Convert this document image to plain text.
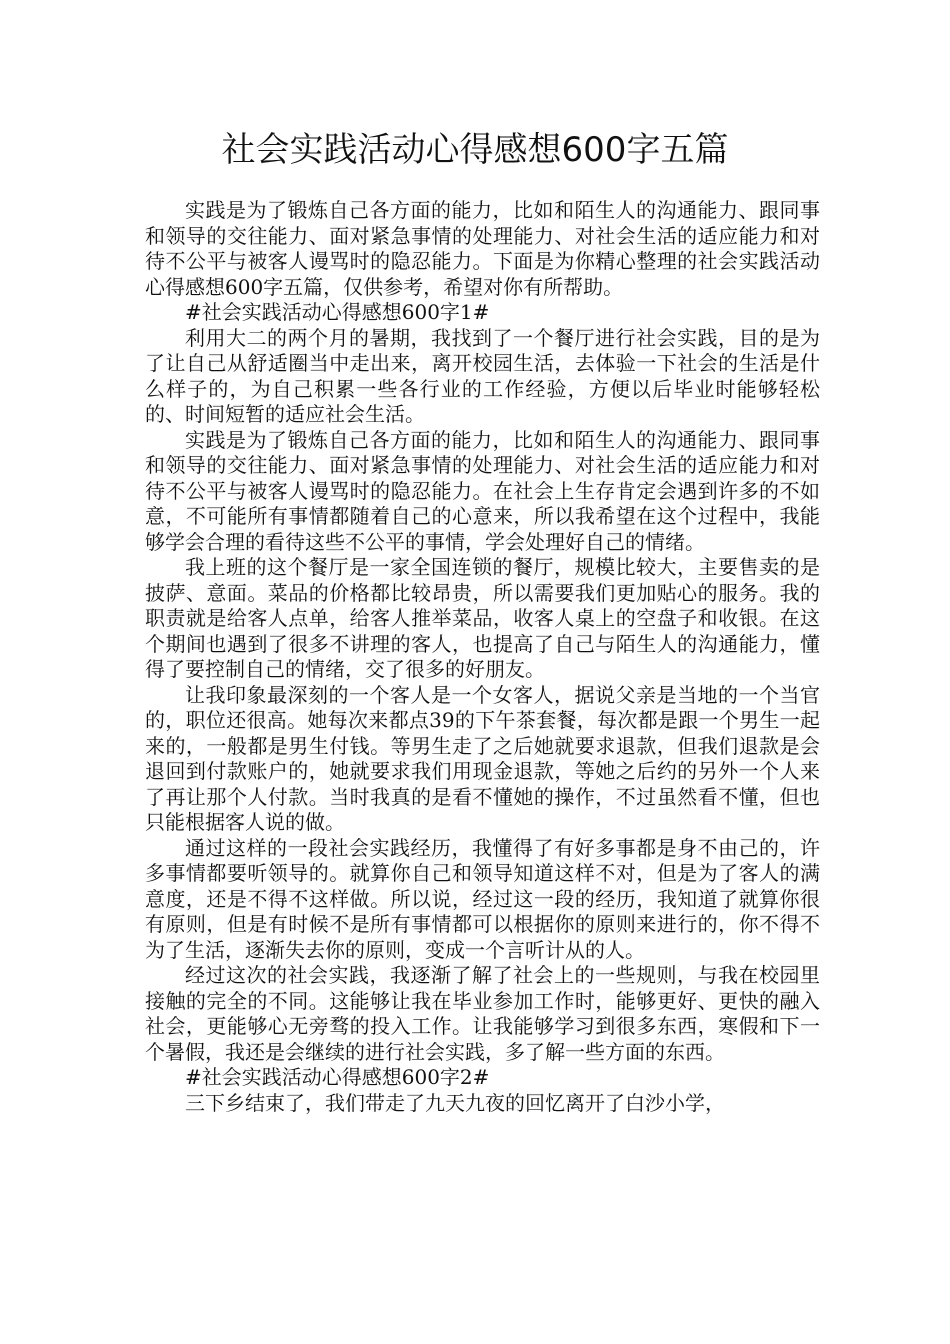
社会实践活动心得感想600字五篇

实践是为了锻炼自己各方面的能力，比如和陌生人的沟通能力、跟同事和领导的交往能力、面对紧急事情的处理能力、对社会生活的适应能力和对待不公平与被客人谩骂时的隐忍能力。下面是为你精心整理的社会实践活动心得感想600字五篇，仅供参考，希望对你有所帮助。

#社会实践活动心得感想600字1#

利用大二的两个月的暑期，我找到了一个餐厅进行社会实践，目的是为了让自己从舒适圈当中走出来，离开校园生活，去体验一下社会的生活是什么样子的，为自己积累一些各行业的工作经验，方便以后毕业时能够轻松的、时间短暂的适应社会生活。

实践是为了锻炼自己各方面的能力，比如和陌生人的沟通能力、跟同事和领导的交往能力、面对紧急事情的处理能力、对社会生活的适应能力和对待不公平与被客人谩骂时的隐忍能力。在社会上生存肯定会遇到许多的不如意，不可能所有事情都随着自己的心意来，所以我希望在这个过程中，我能够学会合理的看待这些不公平的事情，学会处理好自己的情绪。

我上班的这个餐厅是一家全国连锁的餐厅，规模比较大，主要售卖的是披萨、意面。菜品的价格都比较昂贵，所以需要我们更加贴心的服务。我的职责就是给客人点单，给客人推举菜品，收客人桌上的空盘子和收银。在这个期间也遇到了很多不讲理的客人，也提高了自己与陌生人的沟通能力，懂得了要控制自己的情绪，交了很多的好朋友。

让我印象最深刻的一个客人是一个女客人，据说父亲是当地的一个当官的，职位还很高。她每次来都点39的下午茶套餐，每次都是跟一个男生一起来的，一般都是男生付钱。等男生走了之后她就要求退款，但我们退款是会退回到付款账户的，她就要求我们用现金退款，等她之后约的另外一个人来了再让那个人付款。当时我真的是看不懂她的操作，不过虽然看不懂，但也只能根据客人说的做。

通过这样的一段社会实践经历，我懂得了有好多事都是身不由己的，许多事情都要听领导的。就算你自己和领导知道这样不对，但是为了客人的满意度，还是不得不这样做。所以说，经过这一段的经历，我知道了就算你很有原则，但是有时候不是所有事情都可以根据你的原则来进行的，你不得不为了生活，逐渐失去你的原则，变成一个言听计从的人。

经过这次的社会实践，我逐渐了解了社会上的一些规则，与我在校园里接触的完全的不同。这能够让我在毕业参加工作时，能够更好、更快的融入社会，更能够心无旁骛的投入工作。让我能够学习到很多东西，寒假和下一个暑假，我还是会继续的进行社会实践，多了解一些方面的东西。

#社会实践活动心得感想600字2#

三下乡结束了，我们带走了九天九夜的回忆离开了白沙小学，
